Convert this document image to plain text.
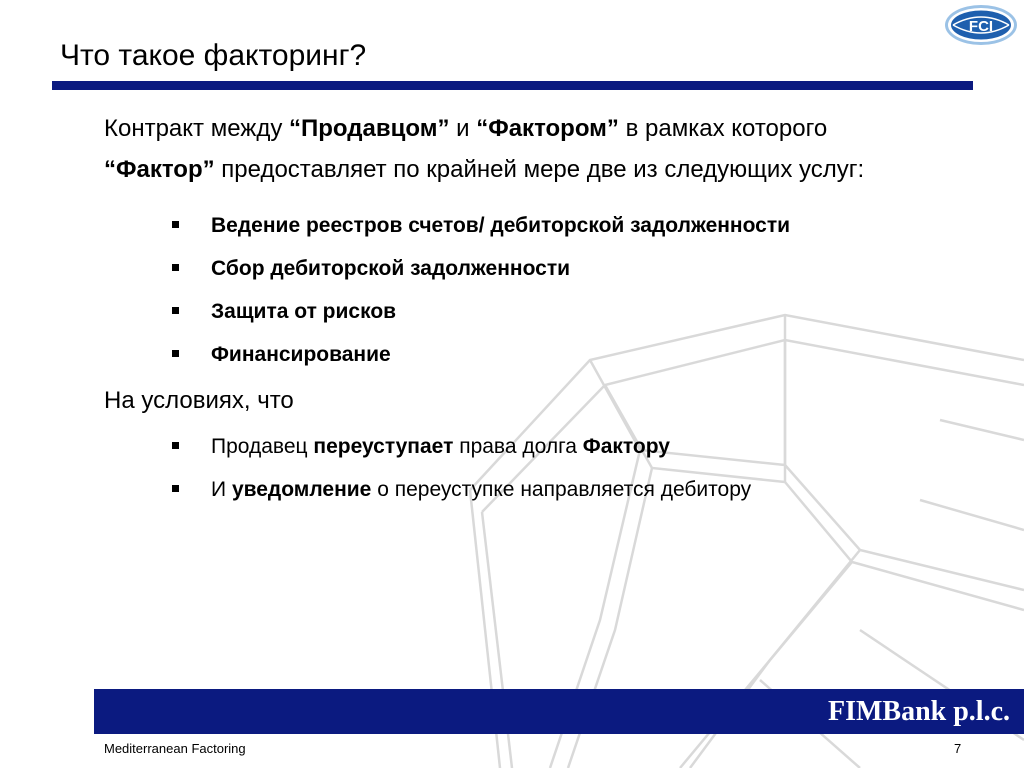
FCI
Что такое факторинг?

Контракт между “Продавцом” и “Фактором” в рамках которого “Фактор” предоставляет по крайней мере две из следующих услуг:

Ведение реестров счетов/ дебиторской задолженности
Сбор дебиторской задолженности
Защита от рисков
Финансирование

На условиях, что

Продавец переуступает права долга Фактору
И уведомление о переуступке направляется дебитору
FIMBank p.l.c.
Mediterranean Factoring	7
